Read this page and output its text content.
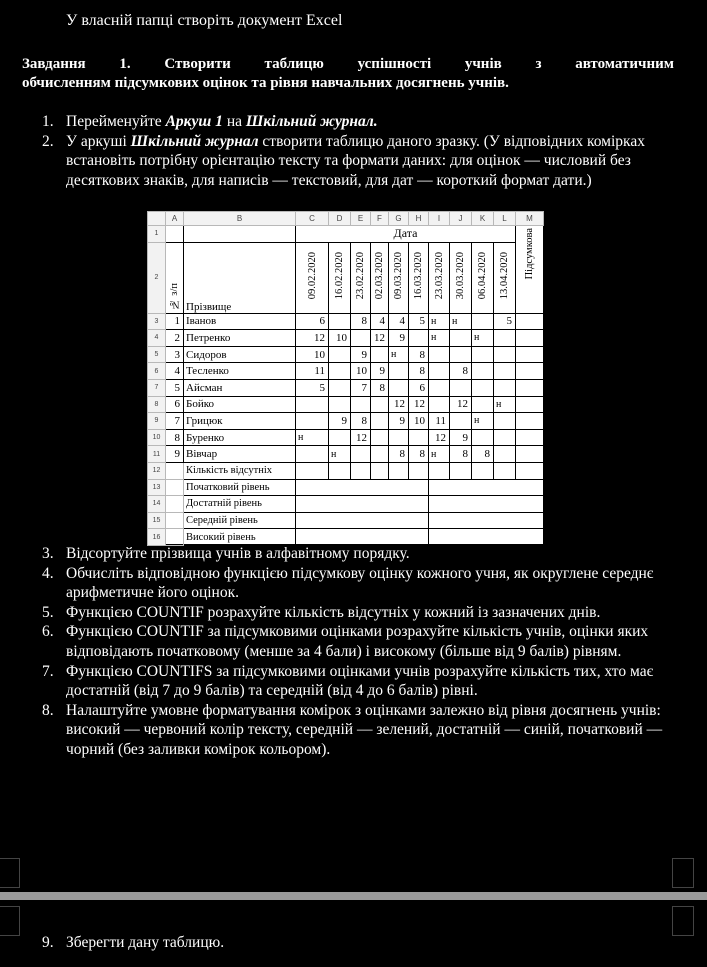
У власній папці створіть документ Excel
Завдання 1. Створити таблицю успішності учнів з автоматичним
обчисленням підсумкових оцінок та рівня навчальних досягнень учнів.
1. Перейменуйте Аркуш 1 на Шкільний журнал.
2. У аркуші Шкільний журнал створити таблицю даного зразку. (У відповідних комірках встановіть потрібну орієнтацію тексту та формати даних: для оцінок — числовий без десяткових знаків, для написів — текстовий, для дат — короткий формат дати.)
	A	B	C	D	E	F	G	H	I	J	K	L	M
1			Дата										Підсумкова
2	№ з/п	Прізвище	09.02.2020	16.02.2020	23.02.2020	02.03.2020	09.03.2020	16.03.2020	23.03.2020	30.03.2020	06.04.2020	13.04.2020	
3	1	Іванов	6		8	4	4	5	н	н		5	
4	2	Петренко	12	10		12	9		н		н		
5	3	Сидоров	10		9		н	8					
6	4	Тесленко	11		10	9		8		8			
7	5	Айсман	5		7	8		6					
8	6	Бойко					12	12		12		н	
9	7	Грицюк		9	8		9	10	11		н		
10	8	Буренко	н		12				12	9			
11	9	Вівчар		н			8	8	н	8	8		
12		Кількість відсутніх											
13		Початковий рівень											
14		Достатній рівень											
15		Середній рівень											
16		Високий рівень											
3. Відсортуйте прізвища учнів в алфавітному порядку.
4. Обчисліть відповідною функцією підсумкову оцінку кожного учня, як округлене середнє арифметичне його оцінок.
5. Функцією COUNTIF розрахуйте кількість відсутніх у кожний із зазначених днів.
6. Функцією COUNTIF за підсумковими оцінками розрахуйте кількість учнів, оцінки яких відповідають початковому (менше за 4 бали) і високому (більше від 9 балів) рівням.
7. Функцією COUNTIFS за підсумковими оцінками учнів розрахуйте кількість тих, хто має достатній (від 7 до 9 балів) та середній (від 4 до 6 балів) рівні.
8. Налаштуйте умовне форматування комірок з оцінками залежно від рівня досягнень учнів: високий — червоний колір тексту, середній — зелений, достатній — синій, початковий — чорний (без заливки комірок кольором).
9. Зберегти дану таблицю.
